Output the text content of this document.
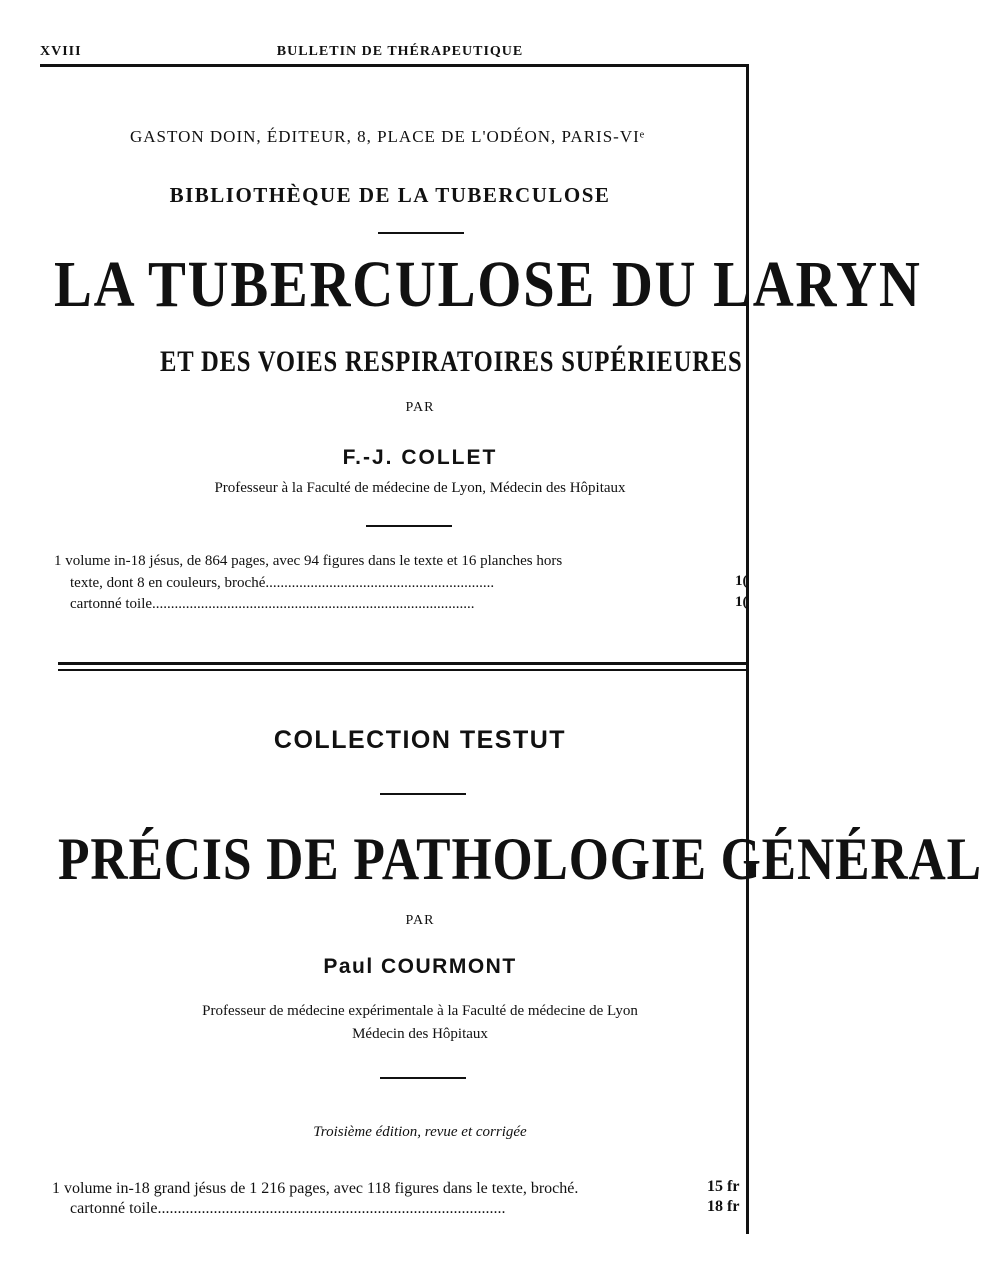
XVIII	BULLETIN DE THÉRAPEUTIQUE
GASTON DOIN, ÉDITEUR, 8, PLACE DE L'ODÉON, PARIS-VIᵉ
BIBLIOTHÈQUE DE LA TUBERCULOSE
LA TUBERCULOSE DU LARYN
ET DES VOIES RESPIRATOIRES SUPÉRIEURES
PAR
F.-J. COLLET
Professeur à la Faculté de médecine de Lyon, Médecin des Hôpitaux
1 volume in-18 jésus, de 864 pages, avec 94 figures dans le texte et 16 planches hors
texte, dont 8 en couleurs, broché.............................................................
cartonné toile......................................................................................
1(
1(
COLLECTION TESTUT
PRÉCIS DE PATHOLOGIE GÉNÉRAL
PAR
Paul COURMONT
Professeur de médecine expérimentale à la Faculté de médecine de Lyon
Médecin des Hôpitaux
Troisième édition, revue et corrigée
1 volume in-18 grand jésus de 1 216 pages, avec 118 figures dans le texte, broché.
cartonné toile.......................................................................................
15 fr
18 fr
